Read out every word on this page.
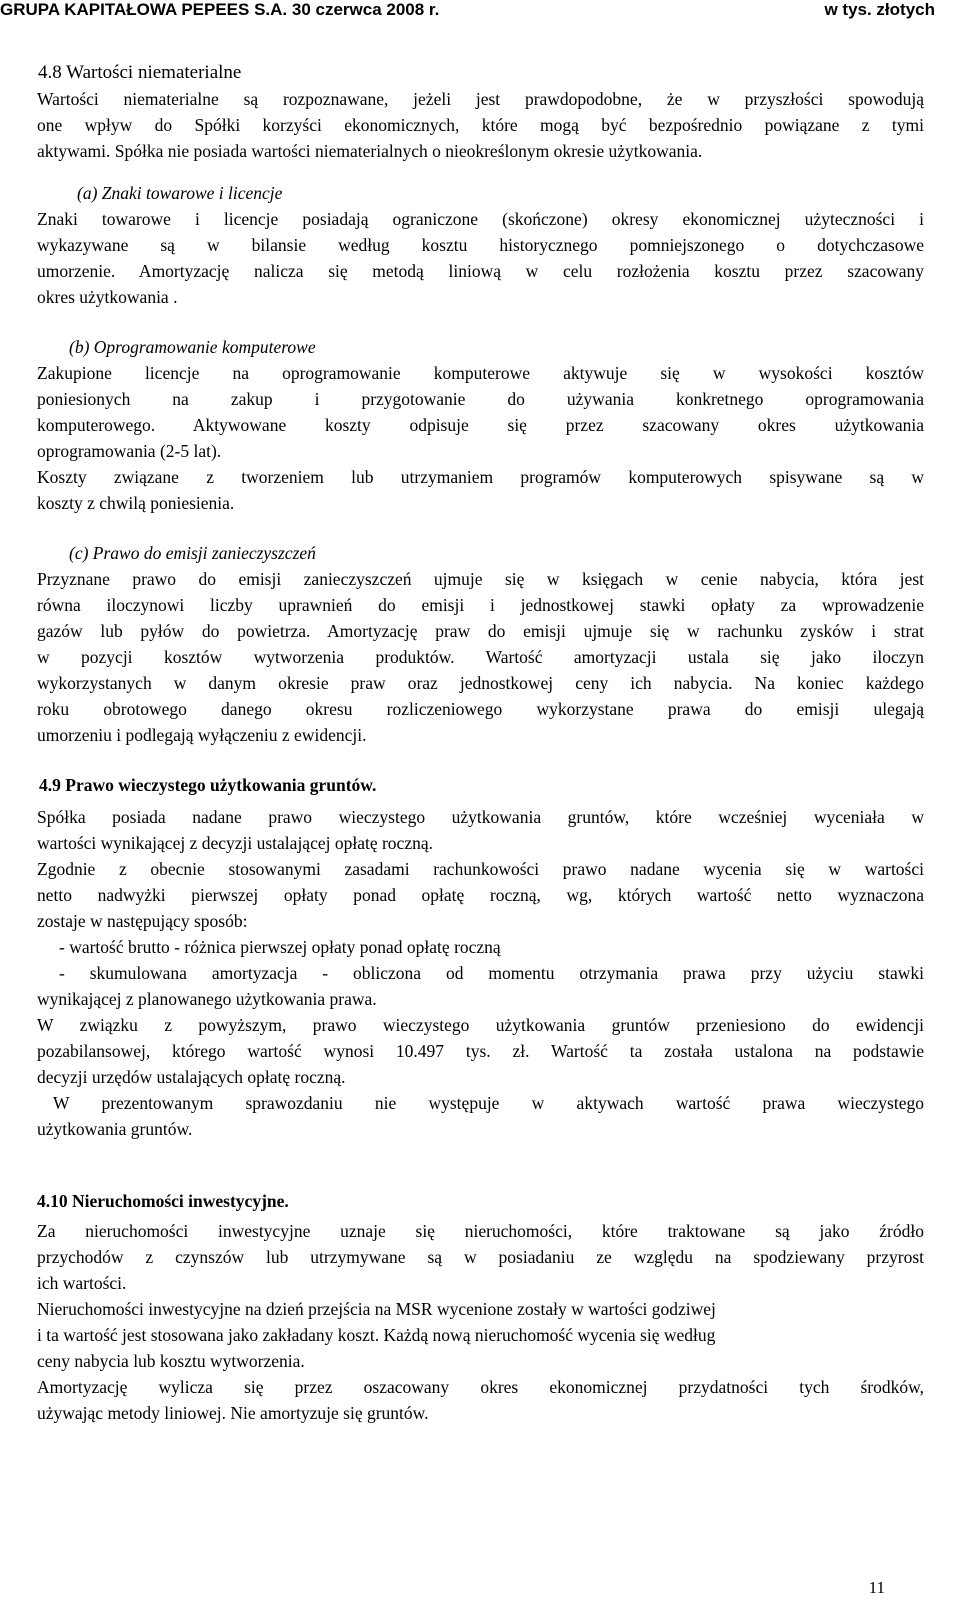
GRUPA KAPITAŁOWA PEPEES S.A. 30 czerwca 2008 r.	w tys. złotych

4.8 Wartości niematerialne

Wartości niematerialne są rozpoznawane, jeżeli jest prawdopodobne, że w przyszłości spowodują

one wpływ do Spółki korzyści ekonomicznych, które mogą być bezpośrednio powiązane z tymi

aktywami. Spółka nie posiada wartości niematerialnych o nieokreślonym okresie użytkowania.

(a) Znaki towarowe i licencje

Znaki towarowe i licencje posiadają ograniczone (skończone) okresy ekonomicznej użyteczności i

wykazywane są w bilansie według kosztu historycznego pomniejszonego o dotychczasowe

umorzenie. Amortyzację nalicza się metodą liniową w celu rozłożenia kosztu przez szacowany

okres użytkowania .

(b) Oprogramowanie komputerowe

Zakupione licencje na oprogramowanie komputerowe aktywuje się w wysokości kosztów

poniesionych na zakup i przygotowanie do używania konkretnego oprogramowania

komputerowego. Aktywowane koszty odpisuje się przez szacowany okres użytkowania

oprogramowania (2-5 lat).

Koszty związane z tworzeniem lub utrzymaniem programów komputerowych spisywane są w

koszty z chwilą poniesienia.

(c) Prawo do emisji zanieczyszczeń

Przyznane prawo do emisji zanieczyszczeń ujmuje się w księgach w cenie nabycia, która jest

równa iloczynowi liczby uprawnień do emisji i jednostkowej stawki opłaty za wprowadzenie

gazów lub pyłów do powietrza. Amortyzację praw do emisji ujmuje się w rachunku zysków i strat

w pozycji kosztów wytworzenia produktów. Wartość amortyzacji ustala się jako iloczyn

wykorzystanych w danym okresie praw oraz jednostkowej ceny ich nabycia. Na koniec każdego

roku obrotowego danego okresu rozliczeniowego wykorzystane prawa do emisji ulegają

umorzeniu i podlegają wyłączeniu z ewidencji.

4.9 Prawo wieczystego użytkowania gruntów.

Spółka posiada nadane prawo wieczystego użytkowania gruntów, które wcześniej wyceniała w

wartości wynikającej z decyzji ustalającej opłatę roczną.

Zgodnie z obecnie stosowanymi zasadami rachunkowości prawo nadane wycenia się w wartości

netto nadwyżki pierwszej opłaty ponad opłatę roczną, wg, których wartość netto wyznaczona

zostaje w następujący sposób:

- wartość brutto - różnica pierwszej opłaty ponad opłatę roczną

- skumulowana amortyzacja - obliczona od momentu otrzymania prawa przy użyciu stawki

wynikającej z planowanego użytkowania prawa.

W związku z powyższym, prawo wieczystego użytkowania gruntów przeniesiono do ewidencji

pozabilansowej, którego wartość wynosi 10.497 tys. zł. Wartość ta została ustalona na podstawie

decyzji urzędów ustalających opłatę roczną.

W prezentowanym sprawozdaniu nie występuje w aktywach wartość prawa wieczystego

użytkowania gruntów.

4.10 Nieruchomości inwestycyjne.

Za nieruchomości inwestycyjne uznaje się nieruchomości, które traktowane są jako źródło

przychodów z czynszów lub utrzymywane są w posiadaniu ze względu na spodziewany przyrost

ich wartości.

Nieruchomości inwestycyjne na dzień przejścia na MSR wycenione zostały w wartości godziwej

i ta wartość jest stosowana jako zakładany koszt. Każdą nową nieruchomość wycenia się według

ceny nabycia lub kosztu wytworzenia.

Amortyzację wylicza się przez oszacowany okres ekonomicznej przydatności tych środków,

używając metody liniowej. Nie amortyzuje się gruntów.

11
